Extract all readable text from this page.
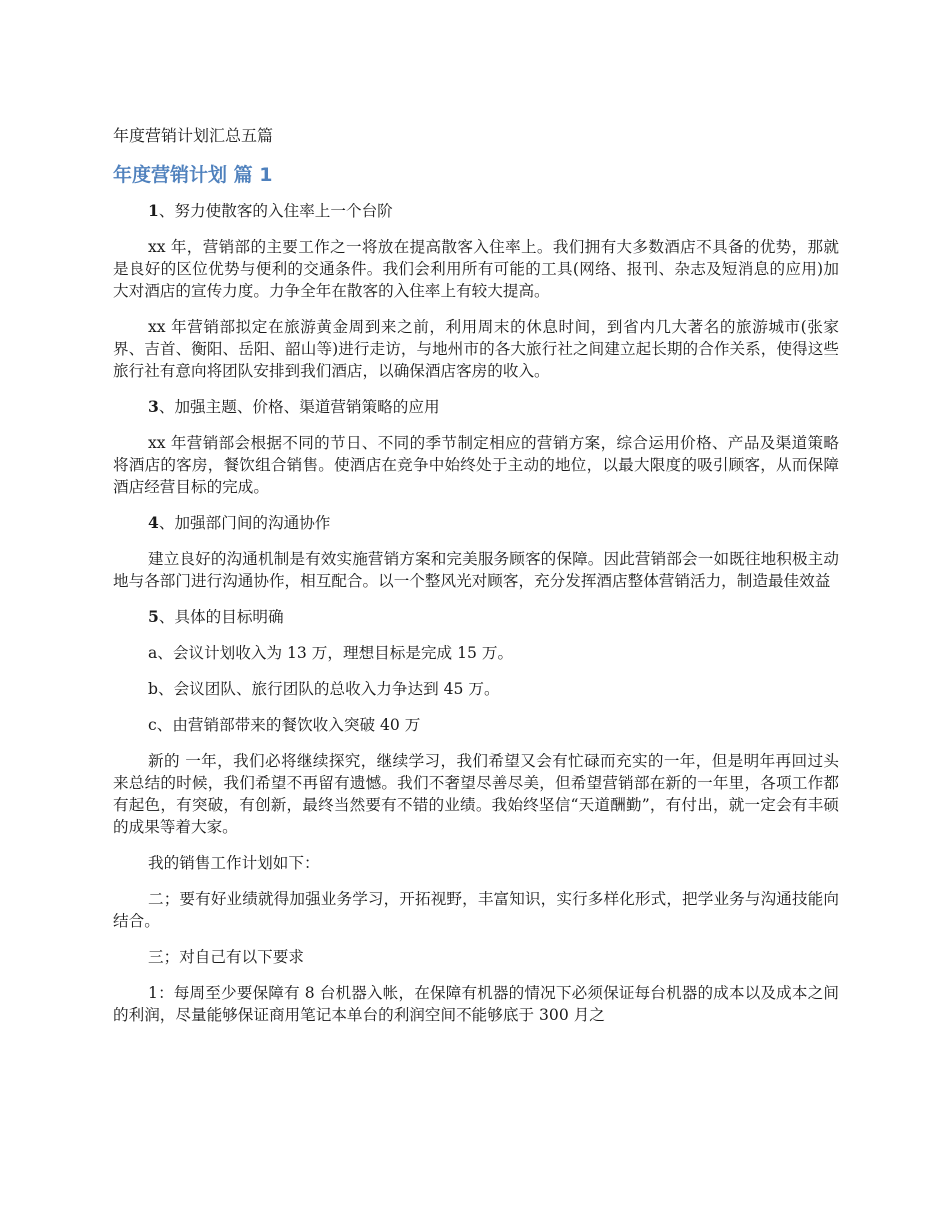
年度营销计划汇总五篇
年度营销计划 篇 1

1、努力使散客的入住率上一个台阶

xx 年，营销部的主要工作之一将放在提高散客入住率上。我们拥有大多数酒店不具备的优势，那就是良好的区位优势与便利的交通条件。我们会利用所有可能的工具(网络、报刊、杂志及短消息的应用)加大对酒店的宣传力度。力争全年在散客的入住率上有较大提高。

xx 年营销部拟定在旅游黄金周到来之前，利用周末的休息时间，到省内几大著名的旅游城市(张家界、吉首、衡阳、岳阳、韶山等)进行走访，与地州市的各大旅行社之间建立起长期的合作关系，使得这些旅行社有意向将团队安排到我们酒店，以确保酒店客房的收入。

3、加强主题、价格、渠道营销策略的应用

xx 年营销部会根据不同的节日、不同的季节制定相应的营销方案，综合运用价格、产品及渠道策略将酒店的客房，餐饮组合销售。使酒店在竞争中始终处于主动的地位，以最大限度的吸引顾客，从而保障酒店经营目标的完成。

4、加强部门间的沟通协作

建立良好的沟通机制是有效实施营销方案和完美服务顾客的保障。因此营销部会一如既往地积极主动地与各部门进行沟通协作，相互配合。以一个整风光对顾客，充分发挥酒店整体营销活力，制造最佳效益

5、具体的目标明确

a、会议计划收入为 13 万，理想目标是完成 15 万。

b、会议团队、旅行团队的总收入力争达到 45 万。

c、由营销部带来的餐饮收入突破 40 万

新的 一年，我们必将继续探究，继续学习，我们希望又会有忙碌而充实的一年，但是明年再回过头来总结的时候，我们希望不再留有遗憾。我们不奢望尽善尽美，但希望营销部在新的一年里，各项工作都有起色，有突破，有创新，最终当然要有不错的业绩。我始终坚信“天道酬勤”，有付出，就一定会有丰硕的成果等着大家。

我的销售工作计划如下：

二；要有好业绩就得加强业务学习，开拓视野，丰富知识，实行多样化形式，把学业务与沟通技能向结合。

三；对自己有以下要求

1：每周至少要保障有 8 台机器入帐，在保障有机器的情况下必须保证每台机器的成本以及成本之间的利润，尽量能够保证商用笔记本单台的利润空间不能够底于 300 月之
